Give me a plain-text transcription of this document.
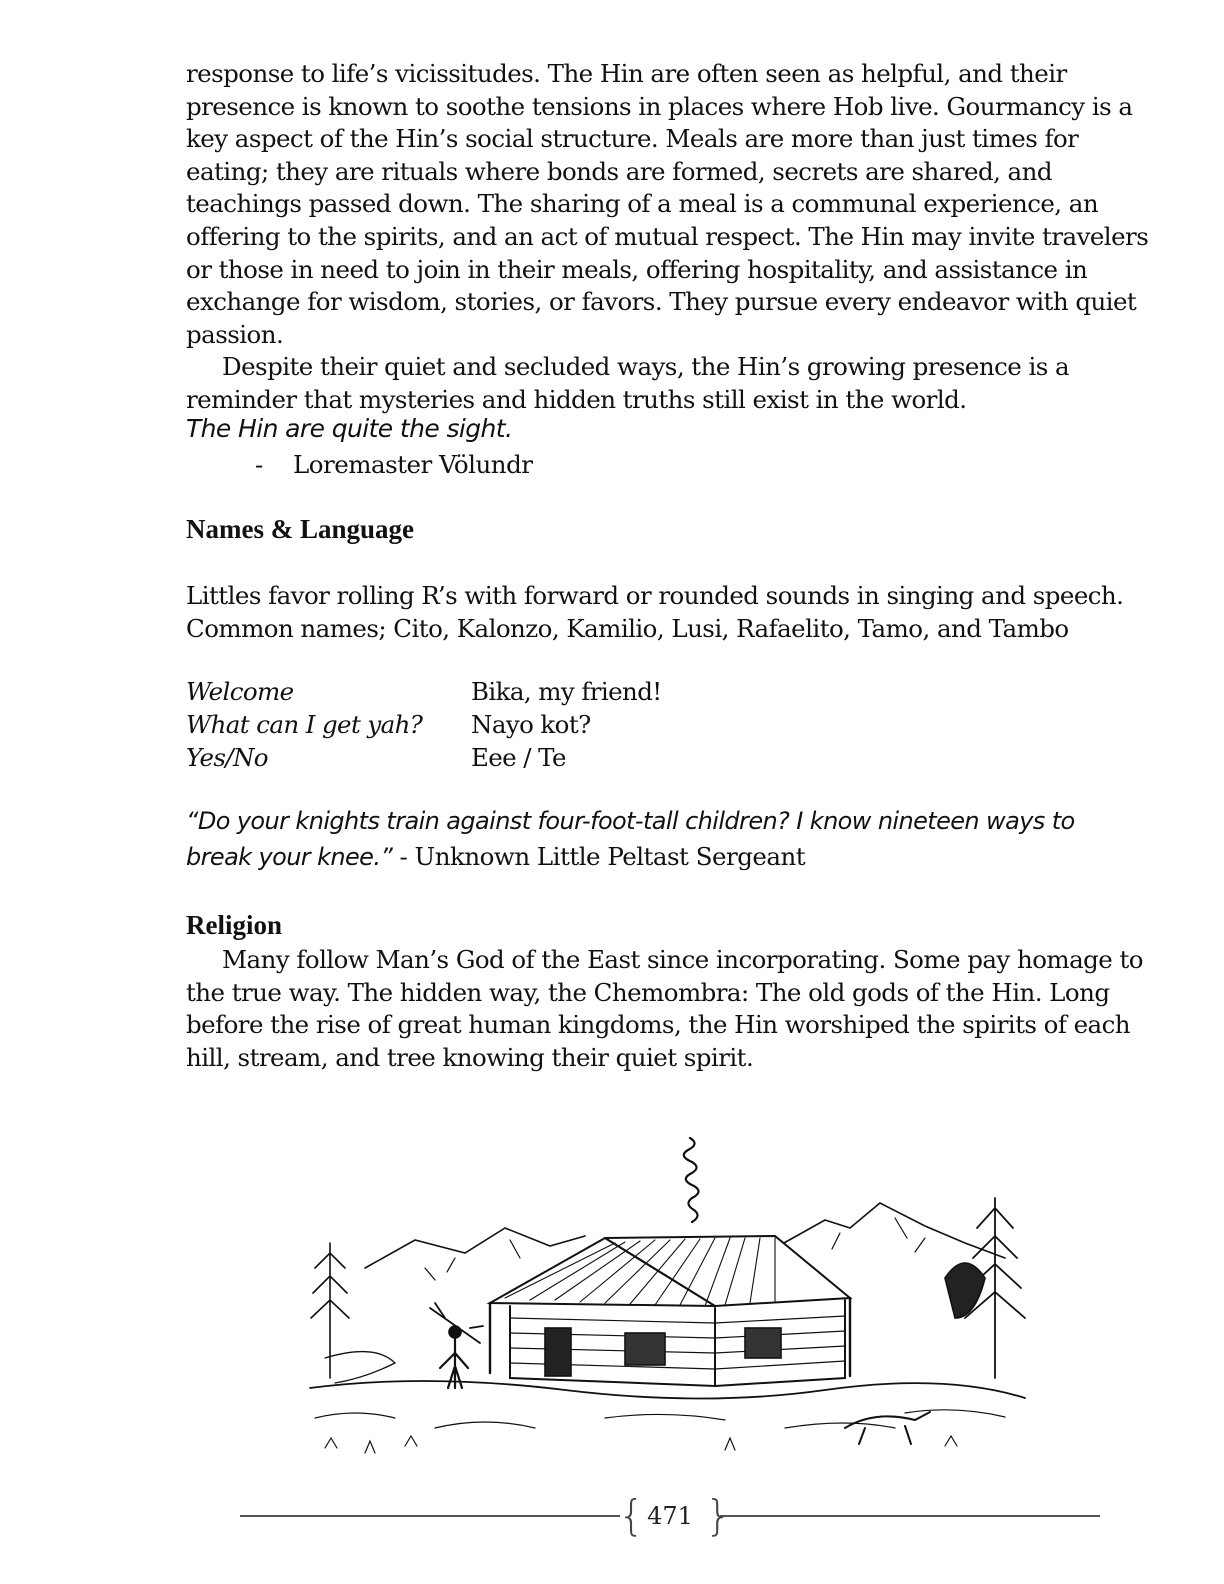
response to life’s vicissitudes. The Hin are often seen as helpful, and their presence is known to soothe tensions in places where Hob live. Gourmancy is a key aspect of the Hin’s social structure. Meals are more than just times for eating; they are rituals where bonds are formed, secrets are shared, and teachings passed down. The sharing of a meal is a communal experience, an offering to the spirits, and an act of mutual respect. The Hin may invite travelers or those in need to join in their meals, offering hospitality, and assistance in exchange for wisdom, stories, or favors. They pursue every endeavor with quiet passion.

Despite their quiet and secluded ways, the Hin’s growing presence is a reminder that mysteries and hidden truths still exist in the world.

The Hin are quite the sight.
- Loremaster Völundr
Names & Language

Littles favor rolling R’s with forward or rounded sounds in singing and speech.

Common names; Cito, Kalonzo, Kamilio, Lusi, Rafaelito, Tamo, and Tambo

Welcome	Bika, my friend!
What can I get yah? Nayo kot?
Yes/No	Eee / Te
“Do your knights train against four-foot-tall children? I know nineteen ways to
break your knee.” - Unknown Little Peltast Sergeant
Religion

Many follow Man’s God of the East since incorporating. Some pay homage to the true way. The hidden way, the Chemombra: The old gods of the Hin. Long before the rise of great human kingdoms, the Hin worshiped the spirits of each hill, stream, and tree knowing their quiet spirit.

{ }
471
